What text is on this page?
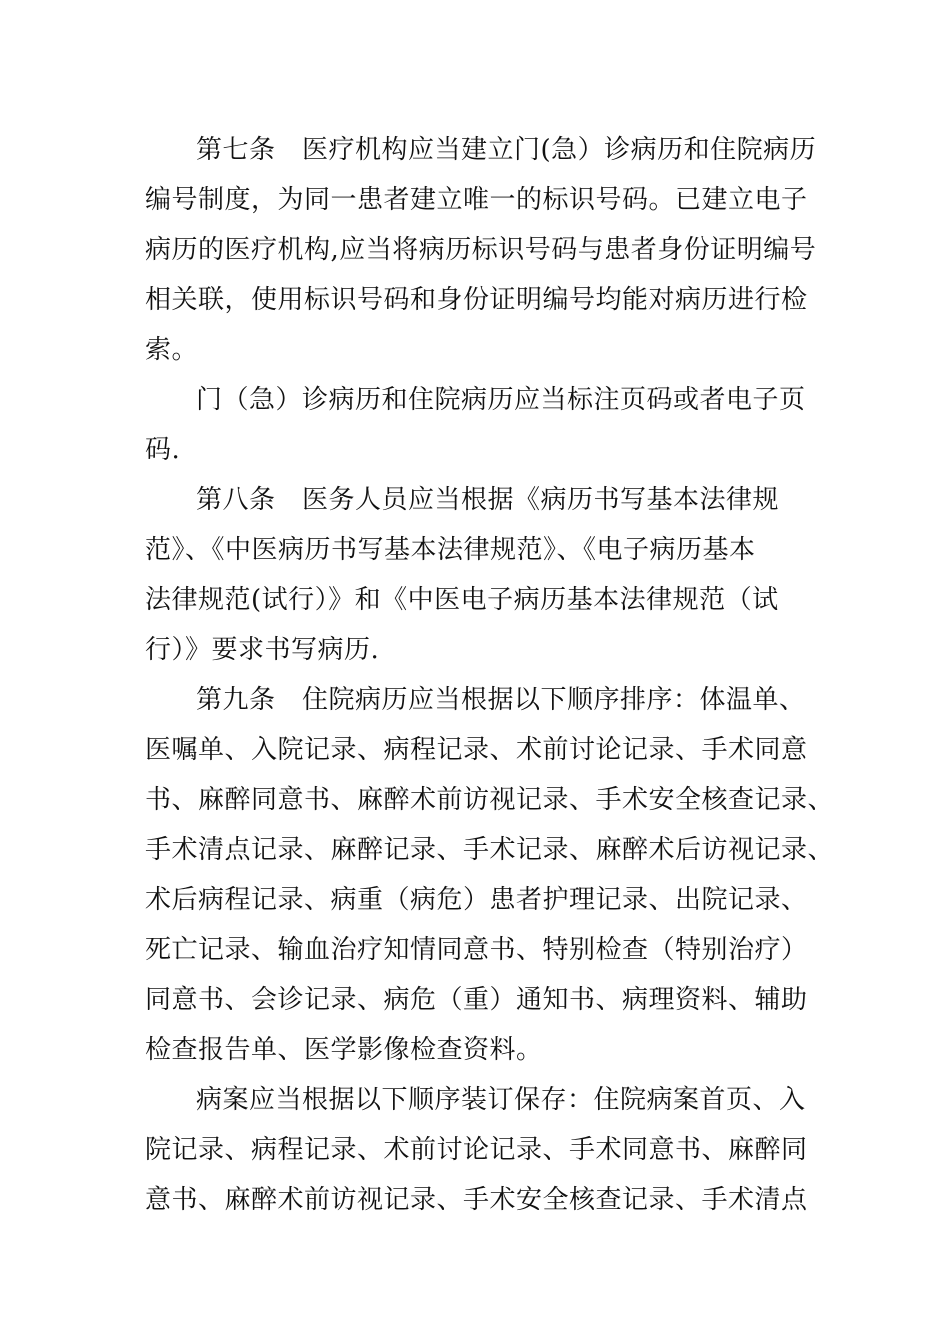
第七条　医疗机构应当建立门(急）诊病历和住院病历
编号制度，为同一患者建立唯一的标识号码。已建立电子
病历的医疗机构,应当将病历标识号码与患者身份证明编号
相关联，使用标识号码和身份证明编号均能对病历进行检
索。
门（急）诊病历和住院病历应当标注页码或者电子页
码.
第八条　医务人员应当根据《病历书写基本法律规
范》、《中医病历书写基本法律规范》、《电子病历基本
法律规范(试行）》和《中医电子病历基本法律规范（试
行）》要求书写病历.
第九条　住院病历应当根据以下顺序排序：体温单、
医嘱单、入院记录、病程记录、术前讨论记录、手术同意
书、麻醉同意书、麻醉术前访视记录、手术安全核查记录、
手术清点记录、麻醉记录、手术记录、麻醉术后访视记录、
术后病程记录、病重（病危）患者护理记录、出院记录、
死亡记录、输血治疗知情同意书、特别检查（特别治疗）
同意书、会诊记录、病危（重）通知书、病理资料、辅助
检查报告单、医学影像检查资料。
病案应当根据以下顺序装订保存：住院病案首页、入
院记录、病程记录、术前讨论记录、手术同意书、麻醉同
意书、麻醉术前访视记录、手术安全核查记录、手术清点
